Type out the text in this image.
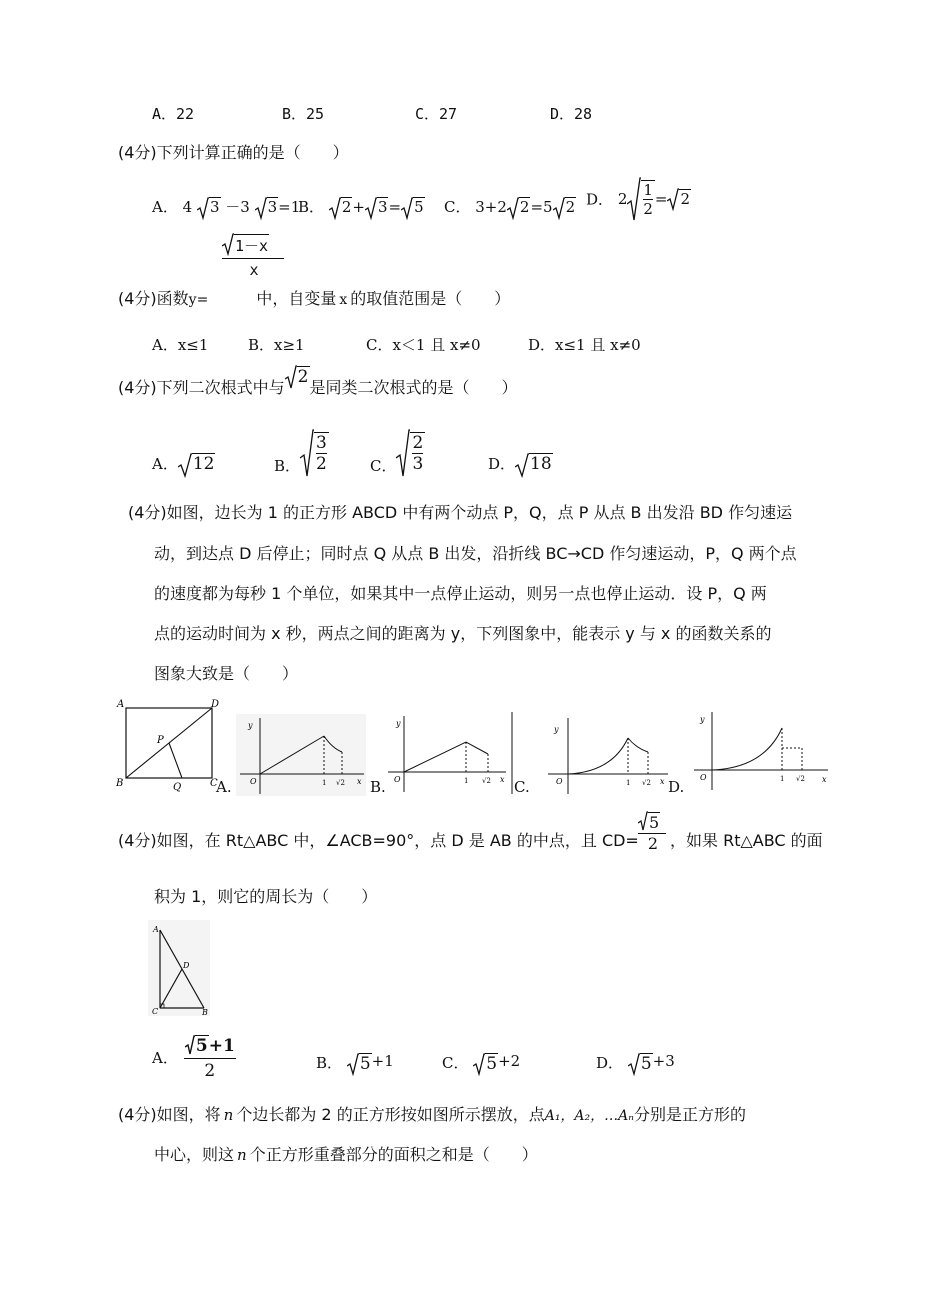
A．22	B．25	C．27	D．28
(4分)下列计算正确的是（　　）
A． 4 3 －3 3=1
B． 2+ 3= 5 C． 3+2 2=5 2 D． $2 \frac{1}{2} = 2$
1－x
x
(4分)函数y=	中，自变量 x 的取值范围是（　　）
A．x≤1	B．x≥1	C．x＜1 且 x≠0	D．x≤1 且 x≠0
(4分)下列二次根式中与2是同类二次根式的是（　　）
A． 12	B． $\frac{3}{2}$	C． $\frac{2}{3}$	D． 18
(4分)如图，边长为 1 的正方形 ABCD 中有两个动点 P，Q，点 P 从点 B 出发沿 BD 作匀速运
动，到达点 D 后停止；同时点 Q 从点 B 出发，沿折线 BC→CD 作匀速运动，P，Q 两个点
的速度都为每秒 1 个单位，如果其中一点停止运动，则另一点也停止运动．设 P，Q 两
点的运动时间为 x 秒，两点之间的距离为 y，下列图象中，能表示 y 与 x 的函数关系的
图象大致是（　　）
A	D
B	C
P
Q A.
y
O	1 √2 x B.
y
O	1 √2 x C.
y
O	1 √2 x D.
y
O	1 √2 x
(4分)如图，在 Rt△ABC 中，∠ACB=90°，点 D 是 AB 的中点，且 CD=
5
2 ，如果 Rt△ABC 的面
积为 1，则它的周长为（　　）
A
D
C	B
A．
5 +1
2	B． 5+1	C． 5+2	D． 5+3
(4分)如图，将 n 个边长都为 2 的正方形按如图所示摆放，点A₁，A₂，…Aₙ分别是正方形的
中心，则这 n 个正方形重叠部分的面积之和是（　　）
